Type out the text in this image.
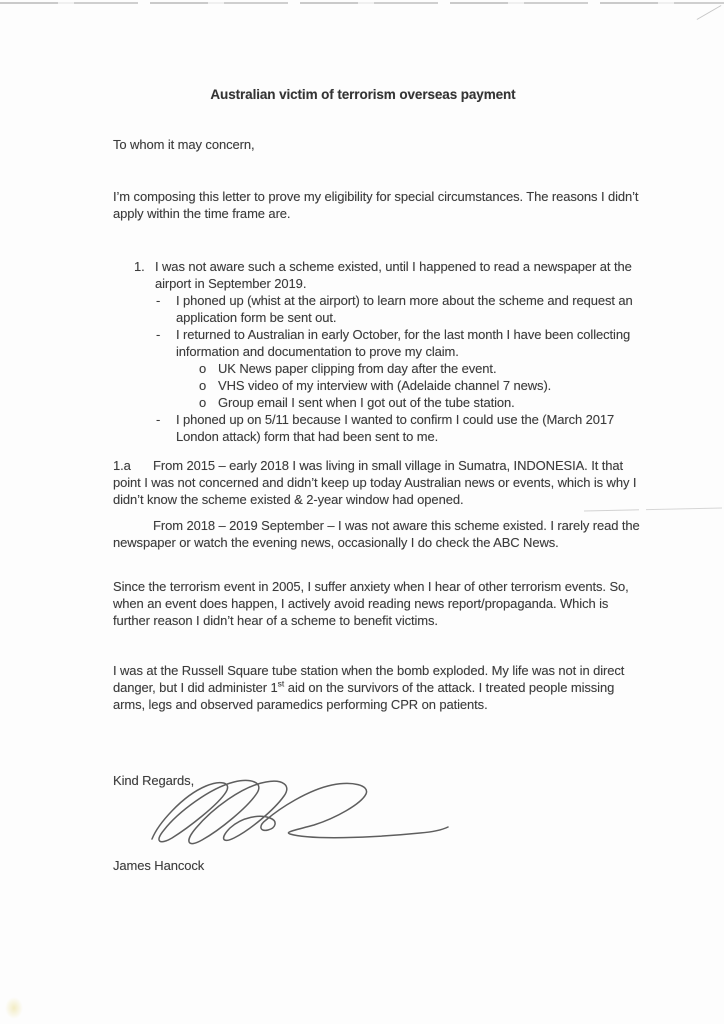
Australian victim of terrorism overseas payment
To whom it may concern,
I’m composing this letter to prove my eligibility for special circumstances. The reasons I didn’t apply within the time frame are.
1. I was not aware such a scheme existed, until I happened to read a newspaper at the airport in September 2019.
- I phoned up (whist at the airport) to learn more about the scheme and request an application form be sent out.
- I returned to Australian in early October, for the last month I have been collecting information and documentation to prove my claim.
o UK News paper clipping from day after the event.
o VHS video of my interview with (Adelaide channel 7 news).
o Group email I sent when I got out of the tube station.
- I phoned up on 5/11 because I wanted to confirm I could use the (March 2017 London attack) form that had been sent to me.
1.a From 2015 – early 2018 I was living in small village in Sumatra, INDONESIA. It that point I was not concerned and didn’t keep up today Australian news or events, which is why I didn’t know the scheme existed & 2-year window had opened.
From 2018 – 2019 September – I was not aware this scheme existed. I rarely read the newspaper or watch the evening news, occasionally I do check the ABC News.
Since the terrorism event in 2005, I suffer anxiety when I hear of other terrorism events. So, when an event does happen, I actively avoid reading news report/propaganda. Which is further reason I didn’t hear of a scheme to benefit victims.
I was at the Russell Square tube station when the bomb exploded. My life was not in direct danger, but I did administer 1st aid on the survivors of the attack. I treated people missing arms, legs and observed paramedics performing CPR on patients.
Kind Regards,
James Hancock
